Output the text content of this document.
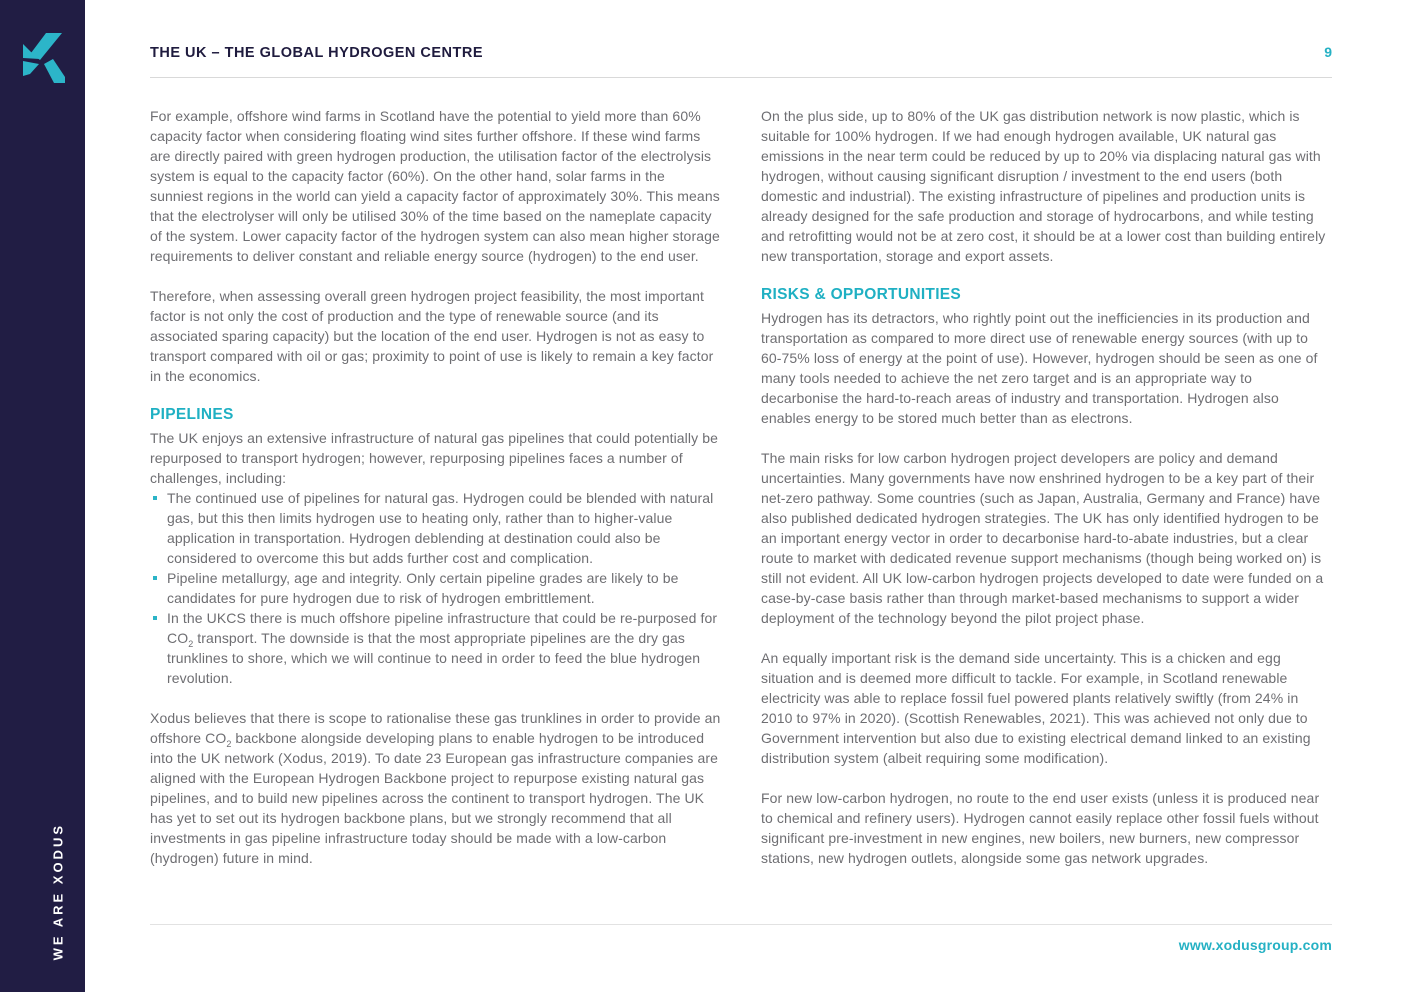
WE ARE XODUS
THE UK – THE GLOBAL HYDROGEN CENTRE	9

For example, offshore wind farms in Scotland have the potential to yield more than 60% capacity factor when considering floating wind sites further offshore. If these wind farms are directly paired with green hydrogen production, the utilisation factor of the electrolysis system is equal to the capacity factor (60%). On the other hand, solar farms in the sunniest regions in the world can yield a capacity factor of approximately 30%. This means that the electrolyser will only be utilised 30% of the time based on the nameplate capacity of the system. Lower capacity factor of the hydrogen system can also mean higher storage requirements to deliver constant and reliable energy source (hydrogen) to the end user.

Therefore, when assessing overall green hydrogen project feasibility, the most important factor is not only the cost of production and the type of renewable source (and its associated sparing capacity) but the location of the end user. Hydrogen is not as easy to transport compared with oil or gas; proximity to point of use is likely to remain a key factor in the economics.

PIPELINES

The UK enjoys an extensive infrastructure of natural gas pipelines that could potentially be repurposed to transport hydrogen; however, repurposing pipelines faces a number of challenges, including:

The continued use of pipelines for natural gas. Hydrogen could be blended with natural gas, but this then limits hydrogen use to heating only, rather than to higher-value application in transportation. Hydrogen deblending at destination could also be considered to overcome this but adds further cost and complication.
Pipeline metallurgy, age and integrity. Only certain pipeline grades are likely to be candidates for pure hydrogen due to risk of hydrogen embrittlement.
In the UKCS there is much offshore pipeline infrastructure that could be re-purposed for $CO_2$ transport. The downside is that the most appropriate pipelines are the dry gas trunklines to shore, which we will continue to need in order to feed the blue hydrogen revolution.

Xodus believes that there is scope to rationalise these gas trunklines in order to provide an offshore $CO_2$ backbone alongside developing plans to enable hydrogen to be introduced into the UK network (Xodus, 2019). To date 23 European gas infrastructure companies are aligned with the European Hydrogen Backbone project to repurpose existing natural gas pipelines, and to build new pipelines across the continent to transport hydrogen. The UK has yet to set out its hydrogen backbone plans, but we strongly recommend that all investments in gas pipeline infrastructure today should be made with a low-carbon (hydrogen) future in mind.

On the plus side, up to 80% of the UK gas distribution network is now plastic, which is suitable for 100% hydrogen. If we had enough hydrogen available, UK natural gas emissions in the near term could be reduced by up to 20% via displacing natural gas with hydrogen, without causing significant disruption / investment to the end users (both domestic and industrial). The existing infrastructure of pipelines and production units is already designed for the safe production and storage of hydrocarbons, and while testing and retrofitting would not be at zero cost, it should be at a lower cost than building entirely new transportation, storage and export assets.

RISKS & OPPORTUNITIES

Hydrogen has its detractors, who rightly point out the inefficiencies in its production and transportation as compared to more direct use of renewable energy sources (with up to 60-75% loss of energy at the point of use). However, hydrogen should be seen as one of many tools needed to achieve the net zero target and is an appropriate way to decarbonise the hard-to-reach areas of industry and transportation. Hydrogen also enables energy to be stored much better than as electrons.

The main risks for low carbon hydrogen project developers are policy and demand uncertainties. Many governments have now enshrined hydrogen to be a key part of their net-zero pathway. Some countries (such as Japan, Australia, Germany and France) have also published dedicated hydrogen strategies. The UK has only identified hydrogen to be an important energy vector in order to decarbonise hard-to-abate industries, but a clear route to market with dedicated revenue support mechanisms (though being worked on) is still not evident. All UK low-carbon hydrogen projects developed to date were funded on a case-by-case basis rather than through market-based mechanisms to support a wider deployment of the technology beyond the pilot project phase.

An equally important risk is the demand side uncertainty. This is a chicken and egg situation and is deemed more difficult to tackle. For example, in Scotland renewable electricity was able to replace fossil fuel powered plants relatively swiftly (from 24% in 2010 to 97% in 2020). (Scottish Renewables, 2021). This was achieved not only due to Government intervention but also due to existing electrical demand linked to an existing distribution system (albeit requiring some modification).

For new low-carbon hydrogen, no route to the end user exists (unless it is produced near to chemical and refinery users). Hydrogen cannot easily replace other fossil fuels without significant pre-investment in new engines, new boilers, new burners, new compressor stations, new hydrogen outlets, alongside some gas network upgrades.

www.xodusgroup.com
